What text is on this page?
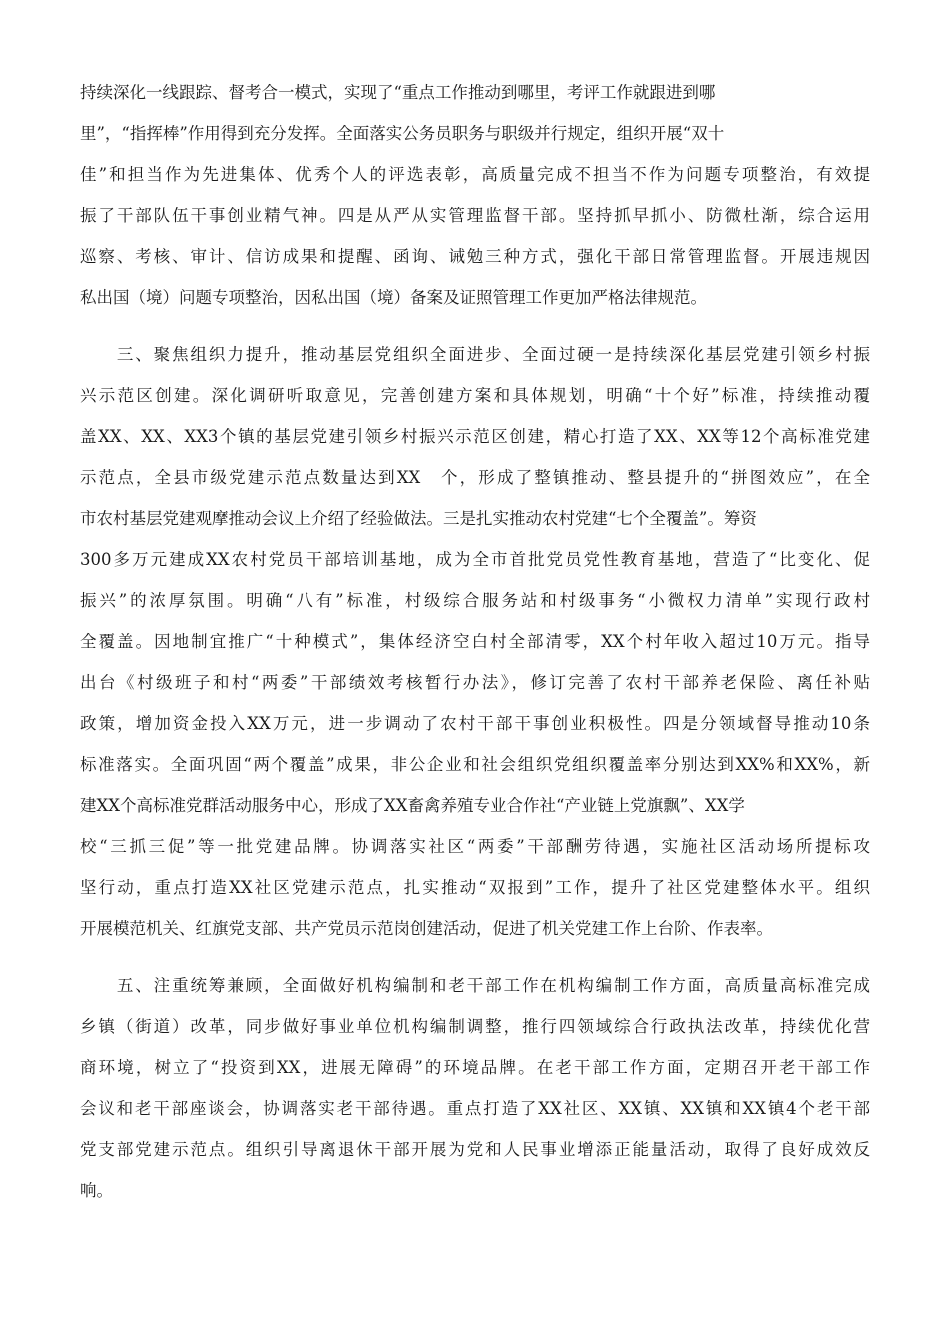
持续深化一线跟踪、督考合一模式，实现了“重点工作推动到哪里，考评工作就跟进到哪
里”，“指挥棒”作用得到充分发挥。全面落实公务员职务与职级并行规定，组织开展“双十
佳”和担当作为先进集体、优秀个人的评选表彰，高质量完成不担当不作为问题专项整治，有效提
振了干部队伍干事创业精气神。四是从严从实管理监督干部。坚持抓早抓小、防微杜渐，综合运用
巡察、考核、审计、信访成果和提醒、函询、诫勉三种方式，强化干部日常管理监督。开展违规因
私出国（境）问题专项整治，因私出国（境）备案及证照管理工作更加严格法律规范。
　　三、聚焦组织力提升，推动基层党组织全面进步、全面过硬一是持续深化基层党建引领乡村振
兴示范区创建。深化调研听取意见，完善创建方案和具体规划，明确“十个好”标准，持续推动覆
盖XX、XX、XX3个镇的基层党建引领乡村振兴示范区创建，精心打造了XX、XX等12个高标准党建
示范点，全县市级党建示范点数量达到XX　个，形成了整镇推动、整县提升的“拼图效应”，在全
市农村基层党建观摩推动会议上介绍了经验做法。三是扎实推动农村党建“七个全覆盖”。筹资
300多万元建成XX农村党员干部培训基地，成为全市首批党员党性教育基地，营造了“比变化、促
振兴”的浓厚氛围。明确“八有”标准，村级综合服务站和村级事务“小微权力清单”实现行政村
全覆盖。因地制宜推广“十种模式”，集体经济空白村全部清零，XX个村年收入超过10万元。指导
出台《村级班子和村“两委”干部绩效考核暂行办法》，修订完善了农村干部养老保险、离任补贴
政策，增加资金投入XX万元，进一步调动了农村干部干事创业积极性。四是分领域督导推动10条
标准落实。全面巩固“两个覆盖”成果，非公企业和社会组织党组织覆盖率分别达到XX%和XX%，新
建XX个高标准党群活动服务中心，形成了XX畜禽养殖专业合作社“产业链上党旗飘”、XX学
校“三抓三促”等一批党建品牌。协调落实社区“两委”干部酬劳待遇，实施社区活动场所提标攻
坚行动，重点打造XX社区党建示范点，扎实推动“双报到”工作，提升了社区党建整体水平。组织
开展模范机关、红旗党支部、共产党员示范岗创建活动，促进了机关党建工作上台阶、作表率。
　　五、注重统筹兼顾，全面做好机构编制和老干部工作在机构编制工作方面，高质量高标准完成
乡镇（街道）改革，同步做好事业单位机构编制调整，推行四领域综合行政执法改革，持续优化营
商环境，树立了“投资到XX，进展无障碍”的环境品牌。在老干部工作方面，定期召开老干部工作
会议和老干部座谈会，协调落实老干部待遇。重点打造了XX社区、XX镇、XX镇和XX镇4个老干部
党支部党建示范点。组织引导离退休干部开展为党和人民事业增添正能量活动，取得了良好成效反
响。
